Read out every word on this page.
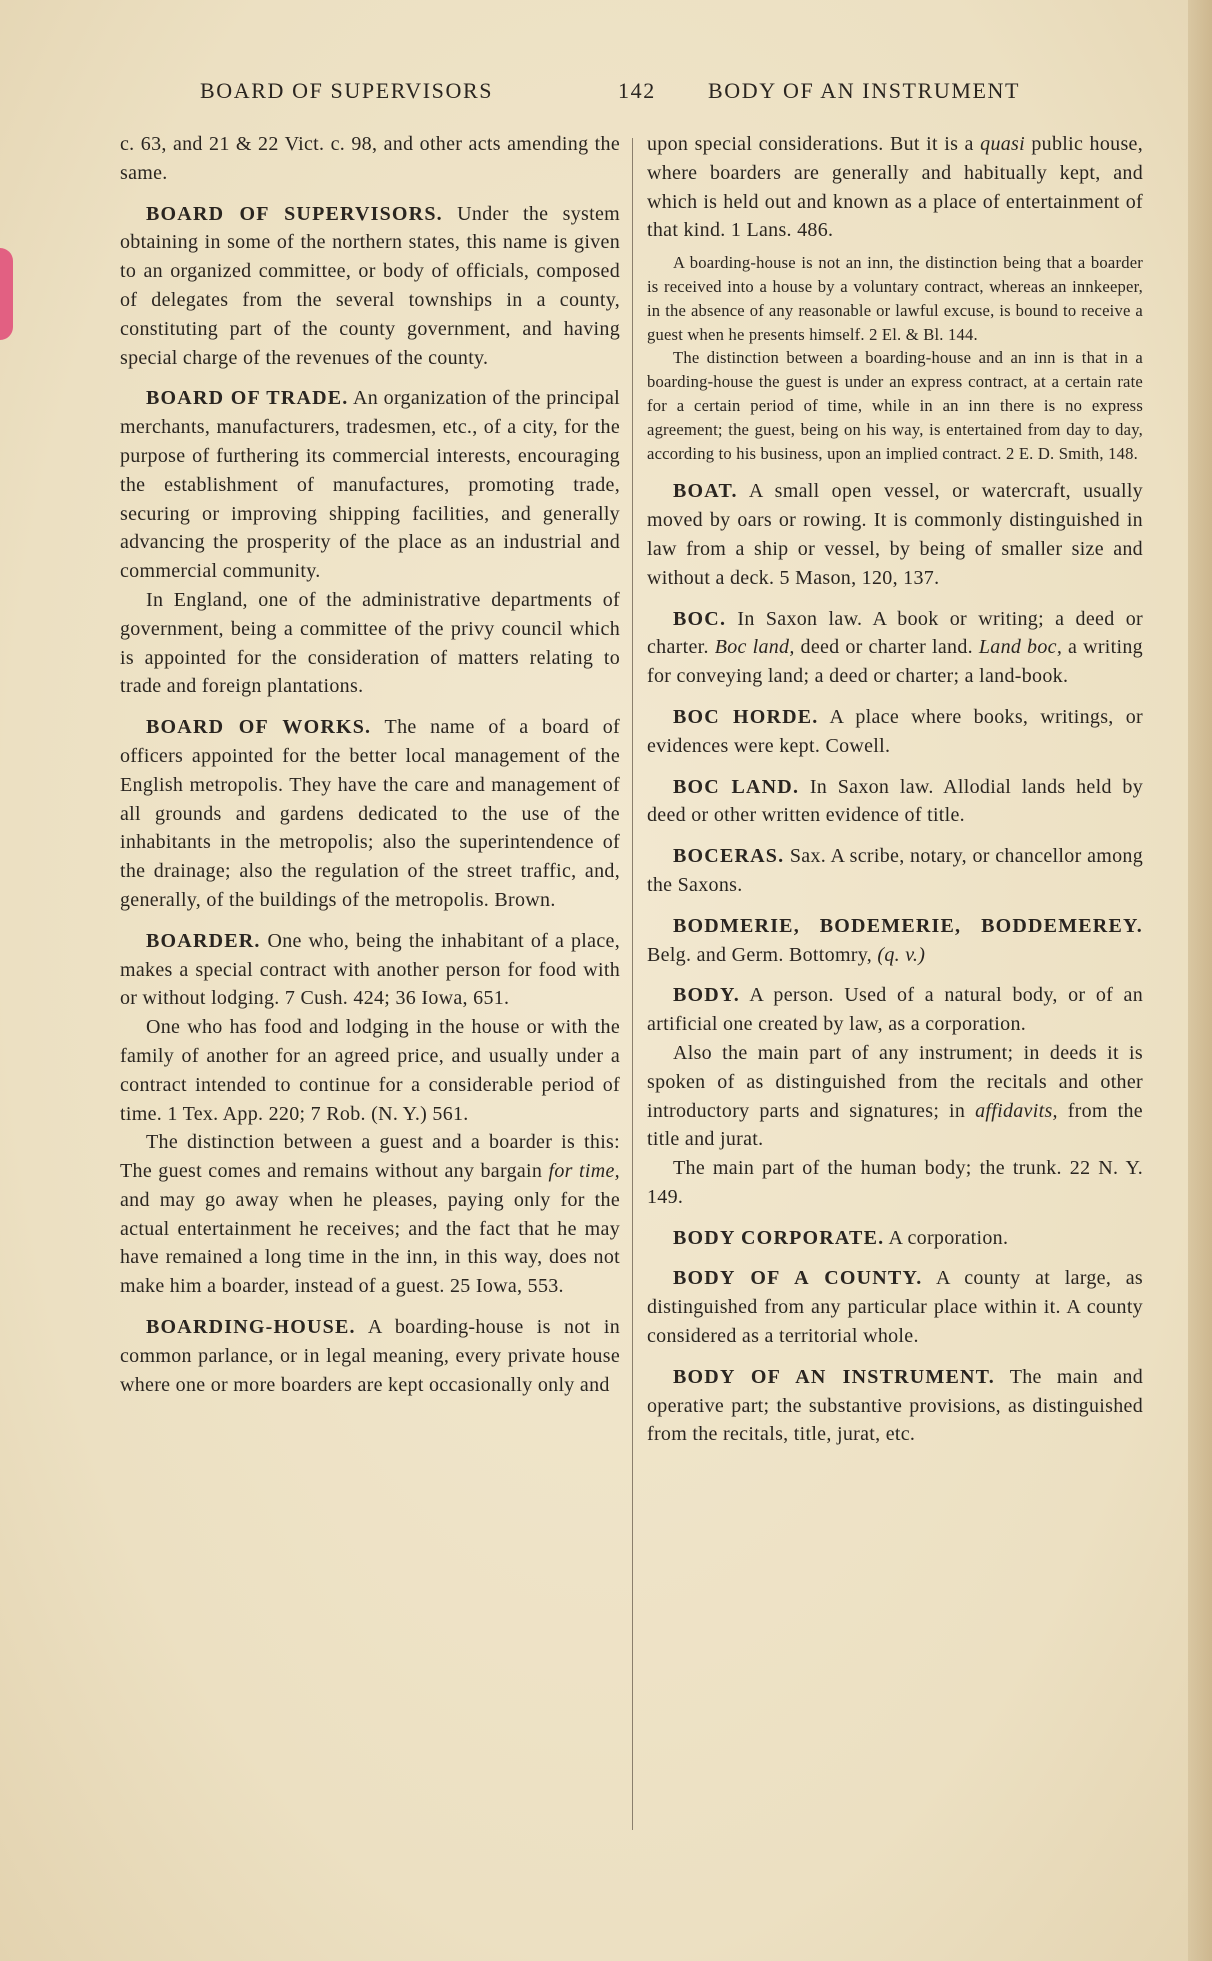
BOARD OF SUPERVISORS	142 BODY OF AN INSTRUMENT

c. 63, and 21 & 22 Vict. c. 98, and other acts amending the same.

BOARD OF SUPERVISORS. Under the system obtaining in some of the northern states, this name is given to an organized committee, or body of officials, composed of delegates from the several townships in a county, constituting part of the county government, and having special charge of the revenues of the county.

BOARD OF TRADE. An organization of the principal merchants, manufacturers, tradesmen, etc., of a city, for the purpose of furthering its commercial interests, encouraging the establishment of manufactures, promoting trade, securing or improving shipping facilities, and generally advancing the prosperity of the place as an industrial and commercial community.

In England, one of the administrative departments of government, being a committee of the privy council which is appointed for the consideration of matters relating to trade and foreign plantations.

BOARD OF WORKS. The name of a board of officers appointed for the better local management of the English metropolis. They have the care and management of all grounds and gardens dedicated to the use of the inhabitants in the metropolis; also the superintendence of the drainage; also the regulation of the street traffic, and, generally, of the buildings of the metropolis. Brown.

BOARDER. One who, being the inhabitant of a place, makes a special contract with another person for food with or without lodging. 7 Cush. 424; 36 Iowa, 651.

One who has food and lodging in the house or with the family of another for an agreed price, and usually under a contract intended to continue for a considerable period of time. 1 Tex. App. 220; 7 Rob. (N. Y.) 561.

The distinction between a guest and a boarder is this: The guest comes and remains without any bargain for time, and may go away when he pleases, paying only for the actual entertainment he receives; and the fact that he may have remained a long time in the inn, in this way, does not make him a boarder, instead of a guest. 25 Iowa, 553.

BOARDING-HOUSE. A boarding-house is not in common parlance, or in legal meaning, every private house where one or more boarders are kept occasionally only and

upon special considerations. But it is a quasi public house, where boarders are generally and habitually kept, and which is held out and known as a place of entertainment of that kind. 1 Lans. 486.

A boarding-house is not an inn, the distinction being that a boarder is received into a house by a voluntary contract, whereas an innkeeper, in the absence of any reasonable or lawful excuse, is bound to receive a guest when he presents himself. 2 El. & Bl. 144.

The distinction between a boarding-house and an inn is that in a boarding-house the guest is under an express contract, at a certain rate for a certain period of time, while in an inn there is no express agreement; the guest, being on his way, is entertained from day to day, according to his business, upon an implied contract. 2 E. D. Smith, 148.

BOAT. A small open vessel, or watercraft, usually moved by oars or rowing. It is commonly distinguished in law from a ship or vessel, by being of smaller size and without a deck. 5 Mason, 120, 137.

BOC. In Saxon law. A book or writing; a deed or charter. Boc land, deed or charter land. Land boc, a writing for conveying land; a deed or charter; a land-book.

BOC HORDE. A place where books, writings, or evidences were kept. Cowell.

BOC LAND. In Saxon law. Allodial lands held by deed or other written evidence of title.

BOCERAS. Sax. A scribe, notary, or chancellor among the Saxons.

BODMERIE, BODEMERIE, BODDEMEREY. Belg. and Germ. Bottomry, (q. v.)

BODY. A person. Used of a natural body, or of an artificial one created by law, as a corporation.

Also the main part of any instrument; in deeds it is spoken of as distinguished from the recitals and other introductory parts and signatures; in affidavits, from the title and jurat.

The main part of the human body; the trunk. 22 N. Y. 149.

BODY CORPORATE. A corporation.

BODY OF A COUNTY. A county at large, as distinguished from any particular place within it. A county considered as a territorial whole.

BODY OF AN INSTRUMENT. The main and operative part; the substantive provisions, as distinguished from the recitals, title, jurat, etc.
